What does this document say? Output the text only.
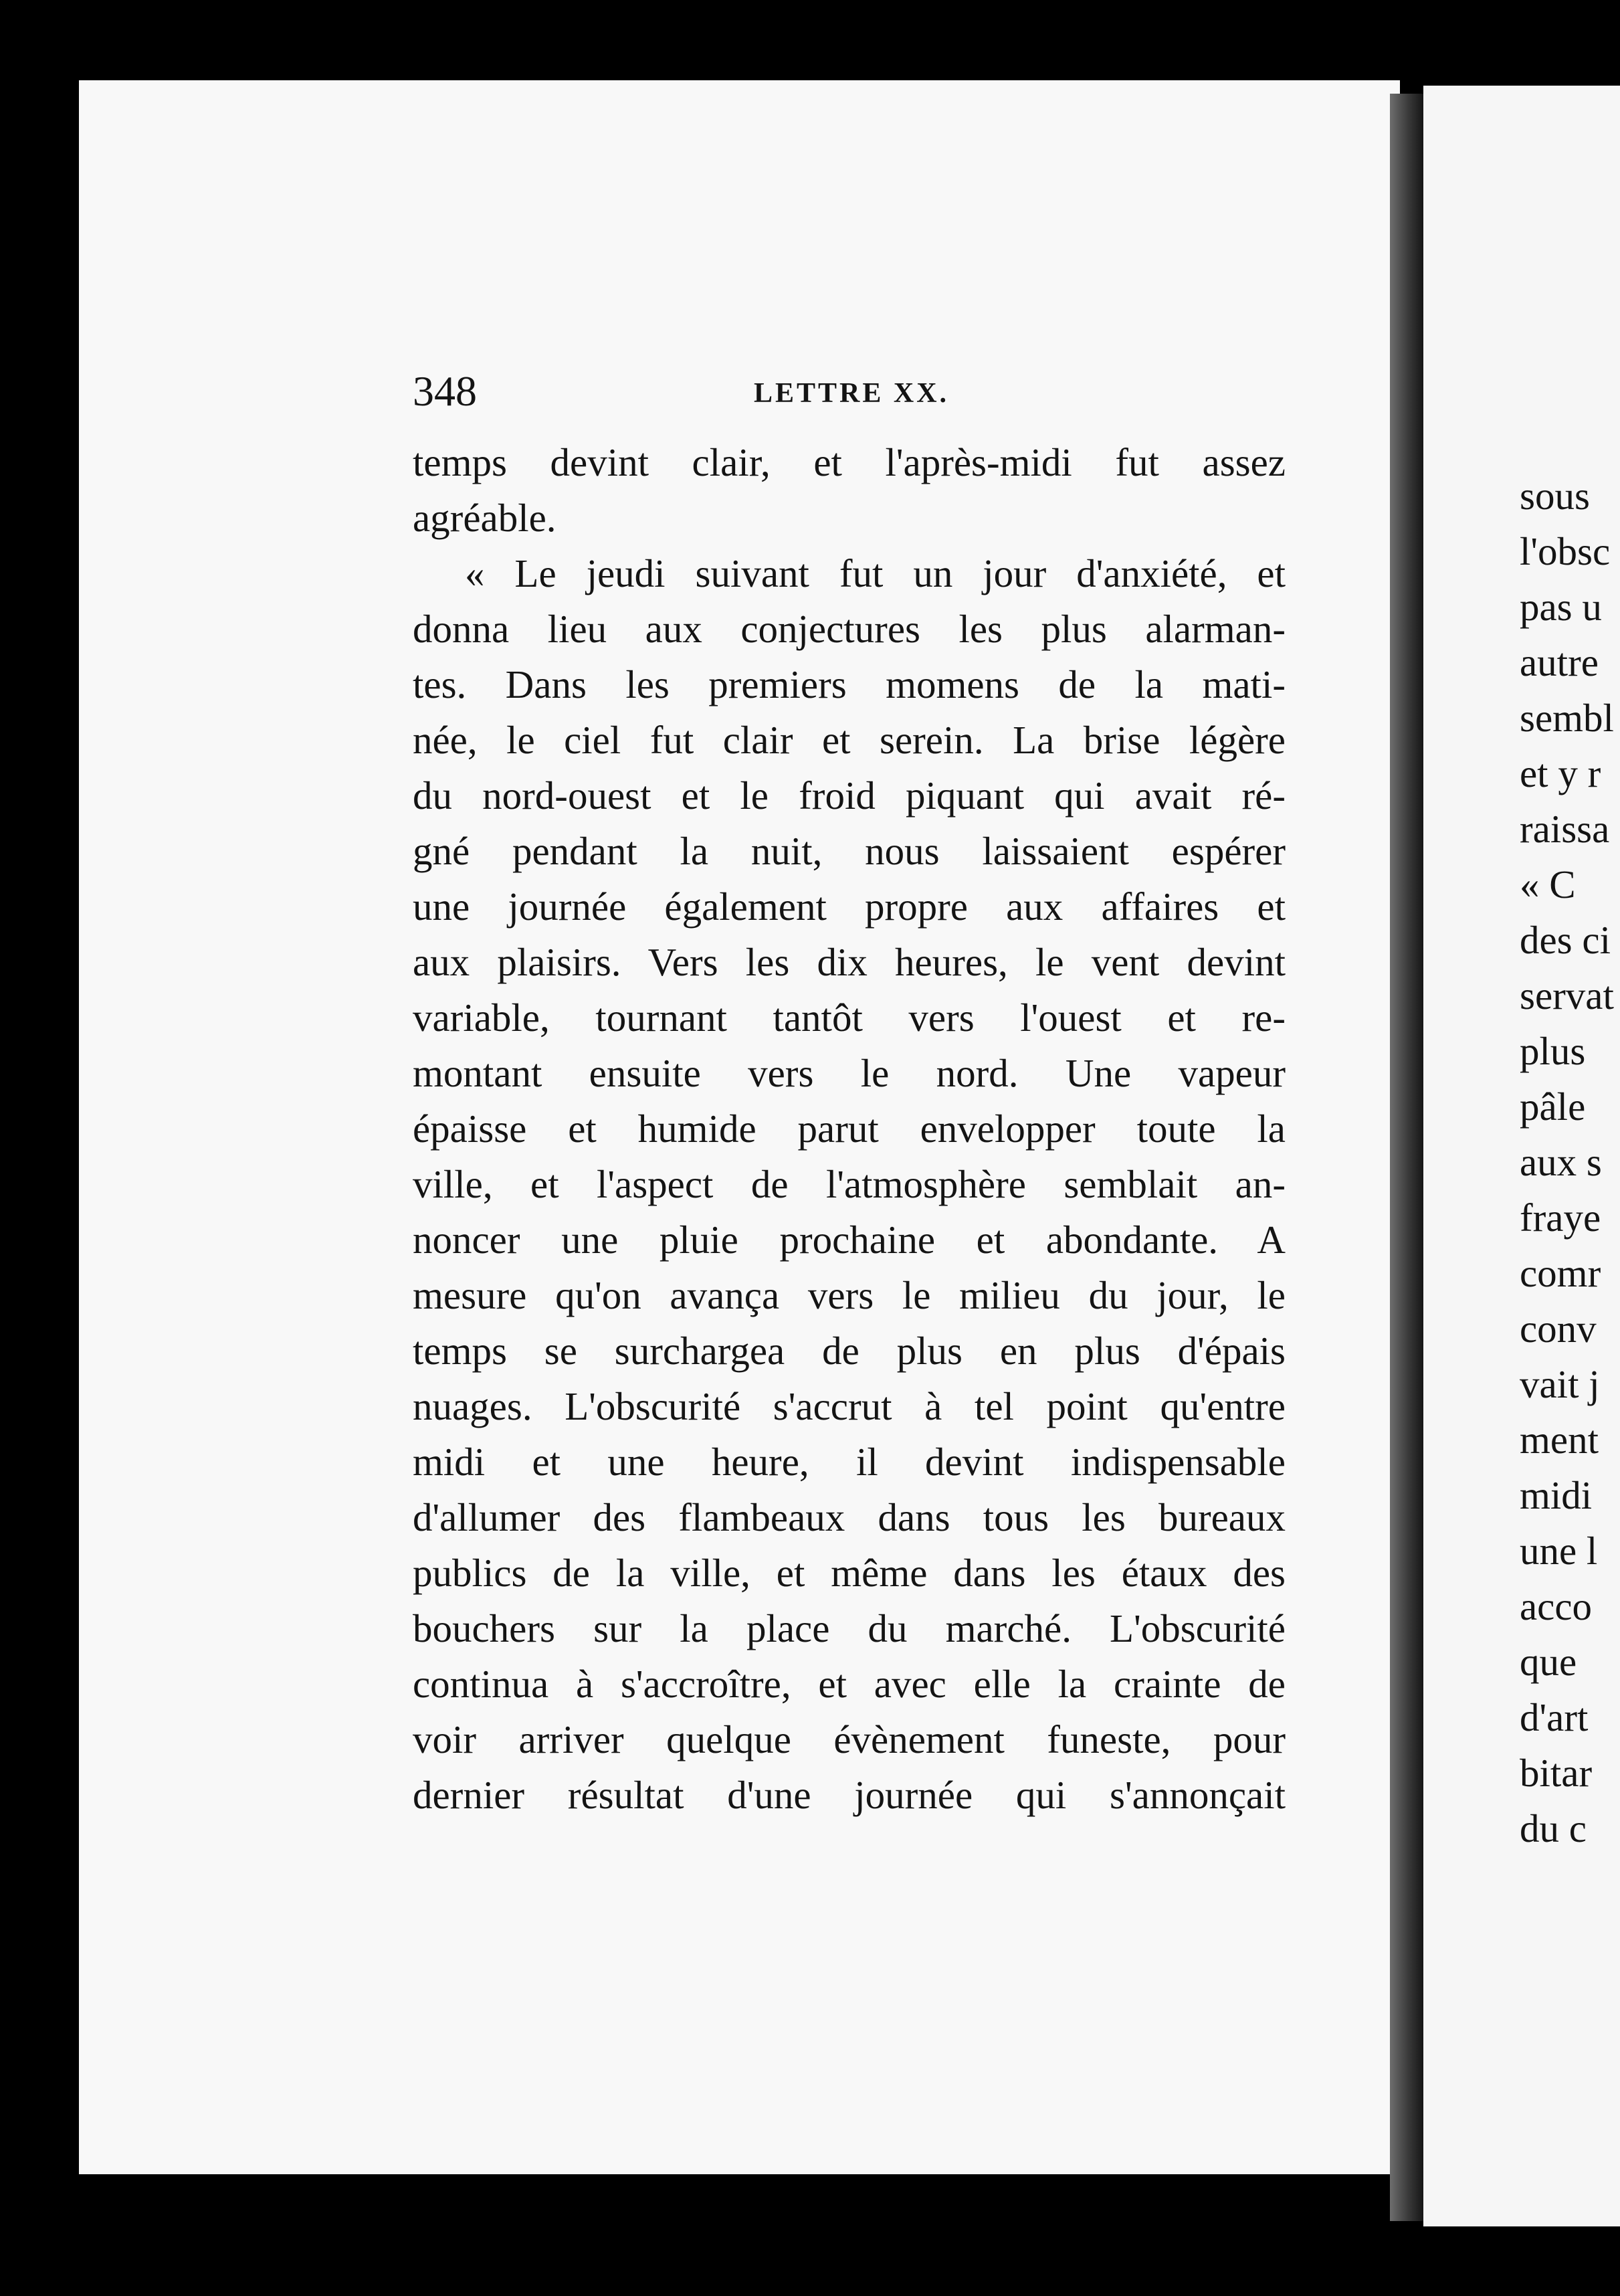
348	LETTRE XX.
temps devint clair, et l'après-midi fut assez
agréable.
« Le jeudi suivant fut un jour d'anxiété, et
donna lieu aux conjectures les plus alarman-
tes. Dans les premiers momens de la mati-
née, le ciel fut clair et serein. La brise légère
du nord-ouest et le froid piquant qui avait ré-
gné pendant la nuit, nous laissaient espérer
une journée également propre aux affaires et
aux plaisirs. Vers les dix heures, le vent devint
variable, tournant tantôt vers l'ouest et re-
montant ensuite vers le nord. Une vapeur
épaisse et humide parut envelopper toute la
ville, et l'aspect de l'atmosphère semblait an-
noncer une pluie prochaine et abondante. A
mesure qu'on avança vers le milieu du jour, le
temps se surchargea de plus en plus d'épais
nuages. L'obscurité s'accrut à tel point qu'entre
midi et une heure, il devint indispensable
d'allumer des flambeaux dans tous les bureaux
publics de la ville, et même dans les étaux des
bouchers sur la place du marché. L'obscurité
continua à s'accroître, et avec elle la crainte de
voir arriver quelque évènement funeste, pour
dernier résultat d'une journée qui s'annonçait
sous
l'obsc
pas u
autre
sembl
et y r
raissa
« C
des ci
servat
plus
pâle
aux s
fraye
comr
conv
vait j
ment
midi
une l
acco
que
d'art
bitar
du c
